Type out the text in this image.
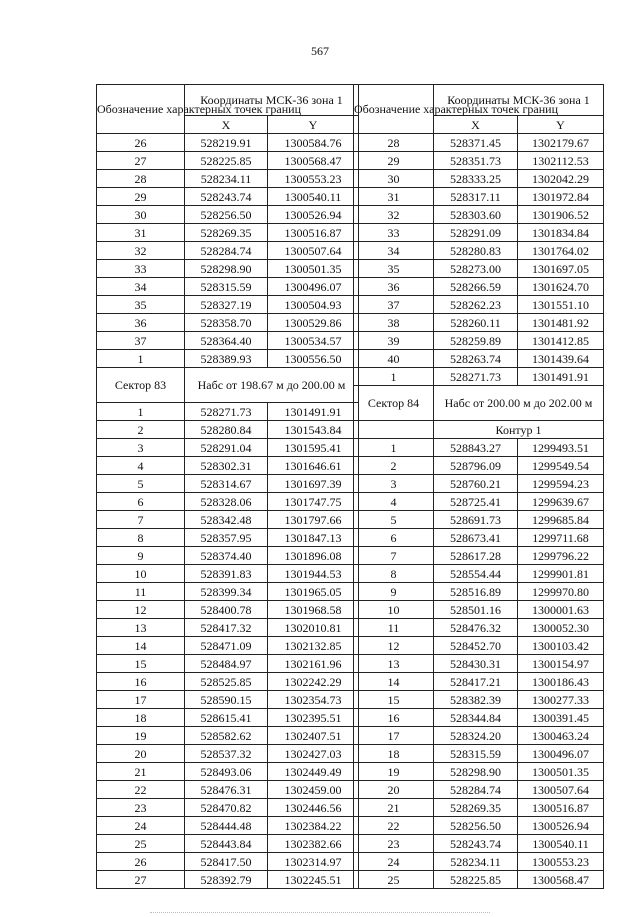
567
Обозначение характерных точек границ	Координаты МСК-36 зона 1	
	X	Y
26	528219.91	1300584.76
27	528225.85	1300568.47
28	528234.11	1300553.23
29	528243.74	1300540.11
30	528256.50	1300526.94
31	528269.35	1300516.87
32	528284.74	1300507.64
33	528298.90	1300501.35
34	528315.59	1300496.07
35	528327.19	1300504.93
36	528358.70	1300529.86
37	528364.40	1300534.57
1	528389.93	1300556.50
Сектор 83	Набс от 198.67 м до 200.00 м	

1	528271.73	1301491.91
2	528280.84	1301543.84
3	528291.04	1301595.41
4	528302.31	1301646.61
5	528314.67	1301697.39
6	528328.06	1301747.75
7	528342.48	1301797.66
8	528357.95	1301847.13
9	528374.40	1301896.08
10	528391.83	1301944.53
11	528399.34	1301965.05
12	528400.78	1301968.58
13	528417.32	1302010.81
14	528471.09	1302132.85
15	528484.97	1302161.96
16	528525.85	1302242.29
17	528590.15	1302354.73
18	528615.41	1302395.51
19	528582.62	1302407.51
20	528537.32	1302427.03
21	528493.06	1302449.49
22	528476.31	1302459.00
23	528470.82	1302446.56
24	528444.48	1302384.22
25	528443.84	1302382.66
26	528417.50	1302314.97
27	528392.79	1302245.51
Обозначение характерных точек границ	Координаты МСК-36 зона 1	
	X	Y
28	528371.45	1302179.67
29	528351.73	1302112.53
30	528333.25	1302042.29
31	528317.11	1301972.84
32	528303.60	1301906.52
33	528291.09	1301834.84
34	528280.83	1301764.02
35	528273.00	1301697.05
36	528266.59	1301624.70
37	528262.23	1301551.10
38	528260.11	1301481.92
39	528259.89	1301412.85
40	528263.74	1301439.64
1	528271.73	1301491.91
Сектор 84	Набс от 200.00 м до 202.00 м	

	Контур 1	
1	528843.27	1299493.51
2	528796.09	1299549.54
3	528760.21	1299594.23
4	528725.41	1299639.67
5	528691.73	1299685.84
6	528673.41	1299711.68
7	528617.28	1299796.22
8	528554.44	1299901.81
9	528516.89	1299970.80
10	528501.16	1300001.63
11	528476.32	1300052.30
12	528452.70	1300103.42
13	528430.31	1300154.97
14	528417.21	1300186.43
15	528382.39	1300277.33
16	528344.84	1300391.45
17	528324.20	1300463.24
18	528315.59	1300496.07
19	528298.90	1300501.35
20	528284.74	1300507.64
21	528269.35	1300516.87
22	528256.50	1300526.94
23	528243.74	1300540.11
24	528234.11	1300553.23
25	528225.85	1300568.47
